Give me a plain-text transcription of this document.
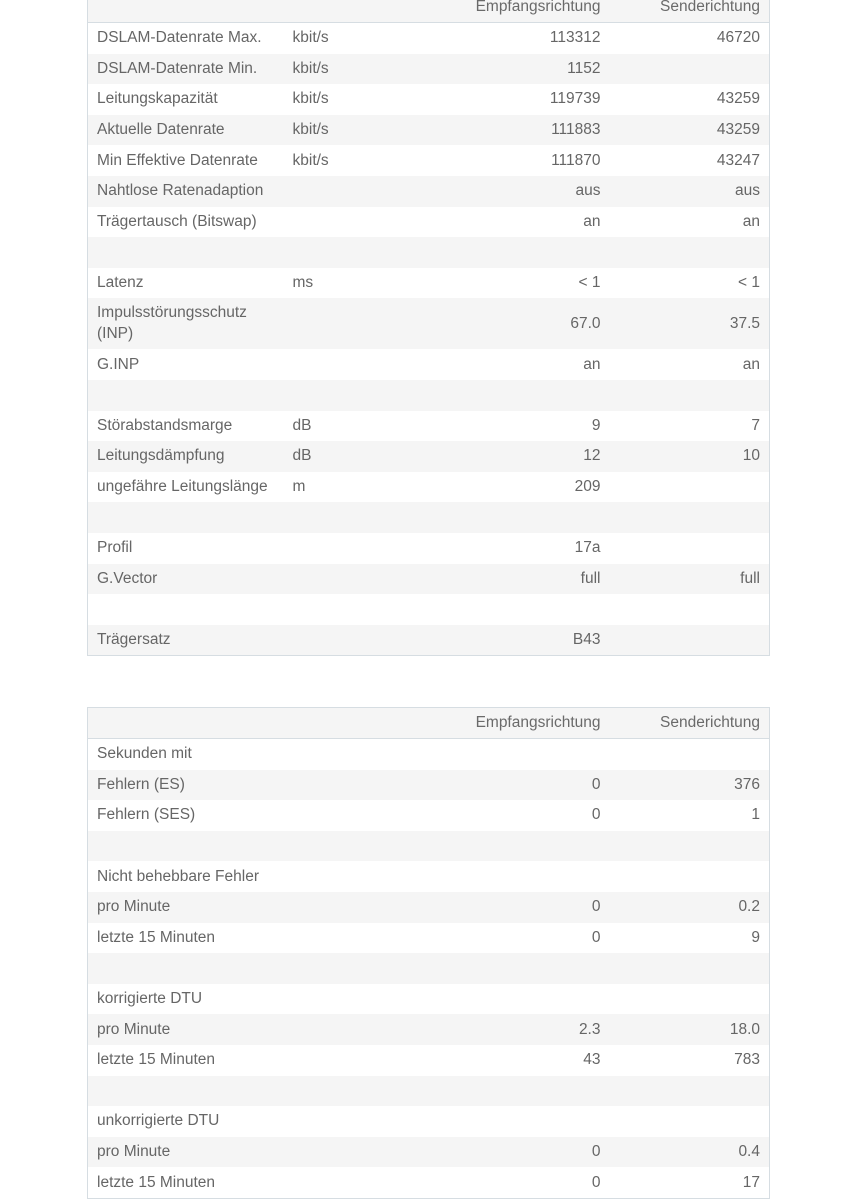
		Empfangsrichtung	Senderichtung
DSLAM-Datenrate Max.	kbit/s	113312	46720
DSLAM-Datenrate Min.	kbit/s	1152	
Leitungskapazität	kbit/s	119739	43259
Aktuelle Datenrate	kbit/s	111883	43259
Min Effektive Datenrate	kbit/s	111870	43247
Nahtlose Ratenadaption		aus	aus
Trägertausch (Bitswap)		an	an

Latenz	ms	< 1	< 1
Impulsstörungsschutz (INP)		67.0	37.5
G.INP		an	an

Störabstandsmarge	dB	9	7
Leitungsdämpfung	dB	12	10
ungefähre Leitungslänge	m	209	

Profil		17a	
G.Vector		full	full

Trägersatz		B43	
	Empfangsrichtung	Senderichtung
Sekunden mit		
Fehlern (ES)	0	376
Fehlern (SES)	0	1

Nicht behebbare Fehler		
pro Minute	0	0.2
letzte 15 Minuten	0	9

korrigierte DTU		
pro Minute	2.3	18.0
letzte 15 Minuten	43	783

unkorrigierte DTU		
pro Minute	0	0.4
letzte 15 Minuten	0	17
